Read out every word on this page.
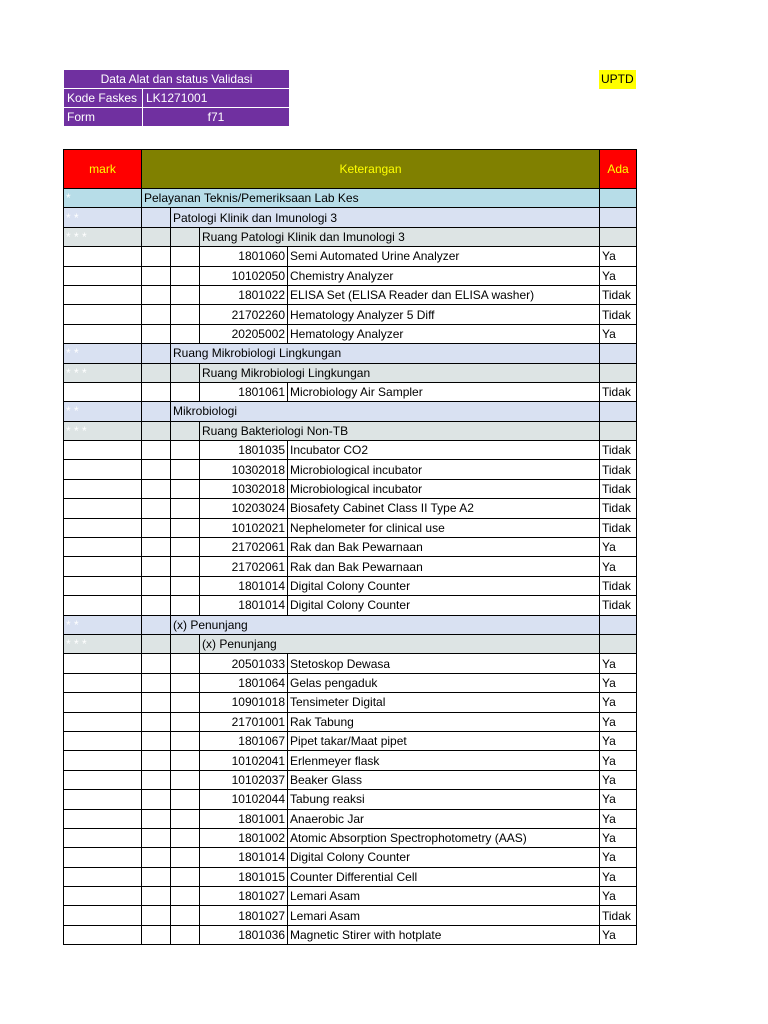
Data Alat dan status Validasi	
Kode Faskes	LK1271001
Form	f71
UPTD
mark	Keterangan				Ada
*	Pelayanan Teknis/Pemeriksaan Lab Kes				
* *		Patologi Klinik dan Imunologi 3			
* * *			Ruang Patologi Klinik dan Imunologi 3		
			1801060	Semi Automated Urine Analyzer	Ya
			10102050	Chemistry Analyzer	Ya
			1801022	ELISA Set (ELISA Reader dan ELISA washer)	Tidak
			21702260	Hematology Analyzer 5 Diff	Tidak
			20205002	Hematology Analyzer	Ya
* *		Ruang Mikrobiologi Lingkungan			
* * *			Ruang Mikrobiologi Lingkungan		
			1801061	Microbiology Air Sampler	Tidak
* *		Mikrobiologi			
* * *			Ruang Bakteriologi Non-TB		
			1801035	Incubator CO2	Tidak
			10302018	Microbiological incubator	Tidak
			10302018	Microbiological incubator	Tidak
			10203024	Biosafety Cabinet Class II Type A2	Tidak
			10102021	Nephelometer for clinical use	Tidak
			21702061	Rak dan Bak Pewarnaan	Ya
			21702061	Rak dan Bak Pewarnaan	Ya
			1801014	Digital Colony Counter	Tidak
			1801014	Digital Colony Counter	Tidak
* *		(x) Penunjang			
* * *			(x) Penunjang		
			20501033	Stetoskop Dewasa	Ya
			1801064	Gelas pengaduk	Ya
			10901018	Tensimeter Digital	Ya
			21701001	Rak Tabung	Ya
			1801067	Pipet takar/Maat pipet	Ya
			10102041	Erlenmeyer flask	Ya
			10102037	Beaker Glass	Ya
			10102044	Tabung reaksi	Ya
			1801001	Anaerobic Jar	Ya
			1801002	Atomic Absorption Spectrophotometry (AAS)	Ya
			1801014	Digital Colony Counter	Ya
			1801015	Counter Differential Cell	Ya
			1801027	Lemari Asam	Ya
			1801027	Lemari Asam	Tidak
			1801036	Magnetic Stirer with hotplate	Ya
